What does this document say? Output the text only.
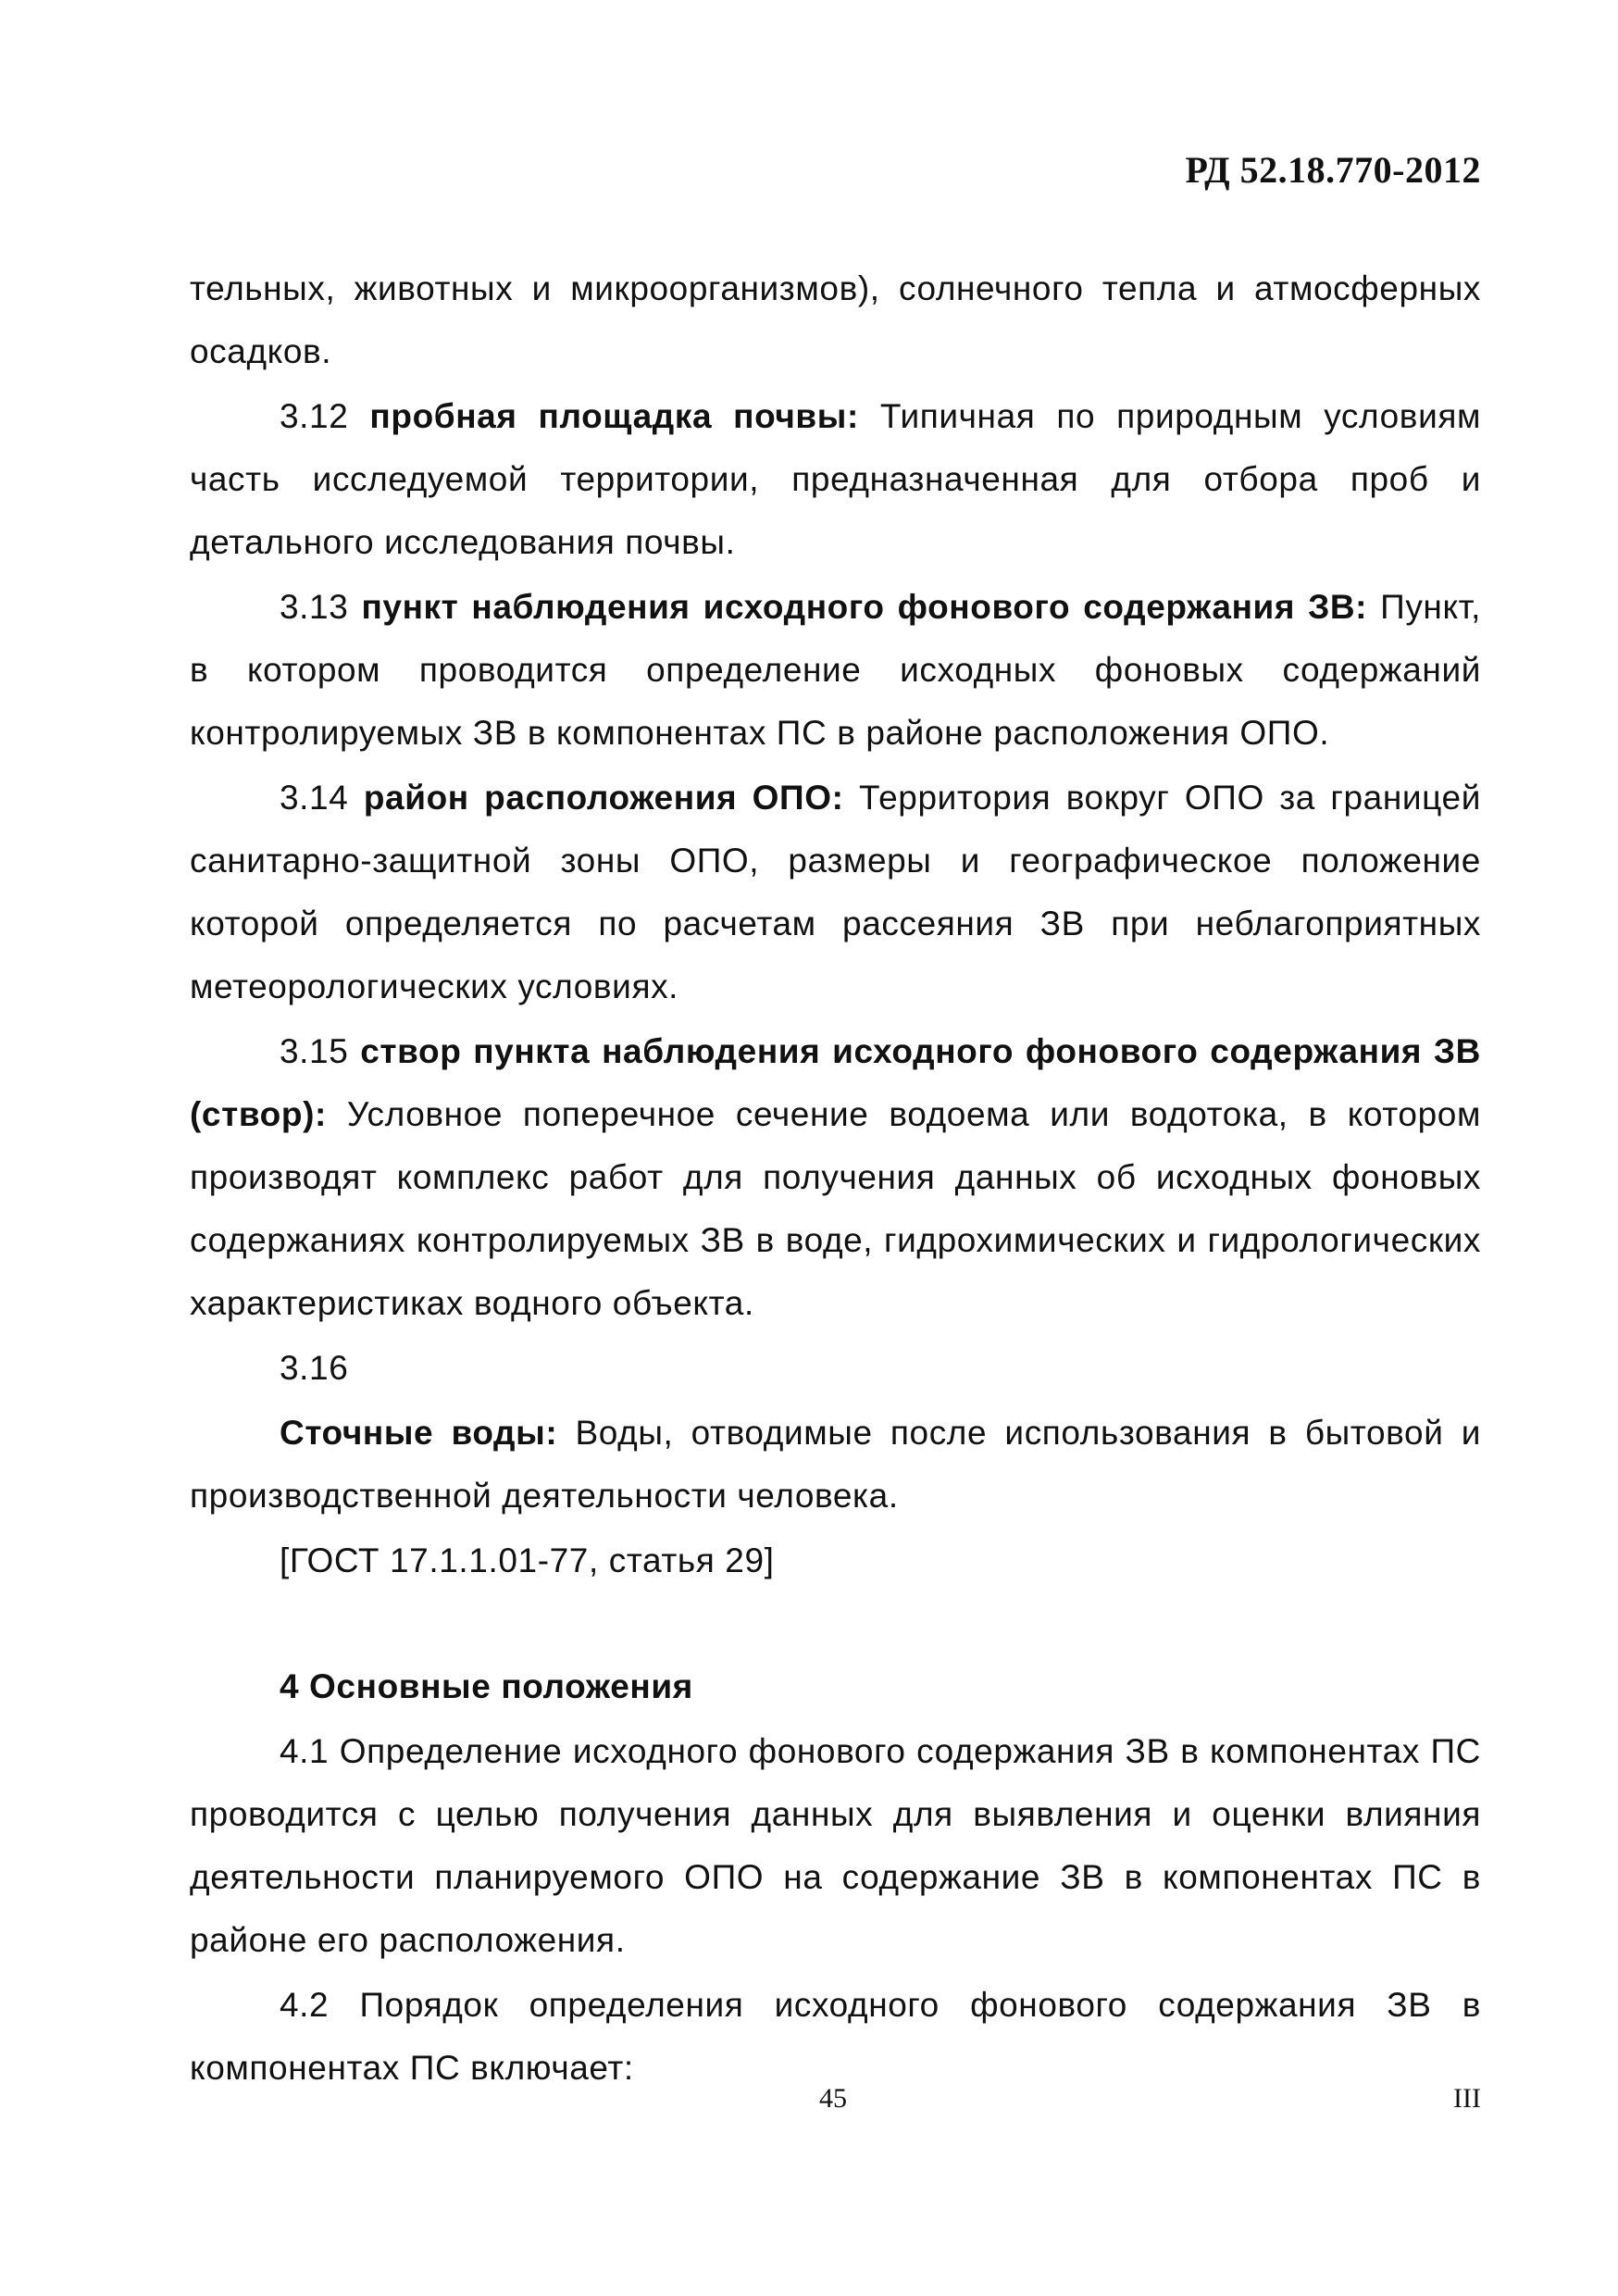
РД 52.18.770-2012

тельных, животных и микроорганизмов), солнечного тепла и атмосферных осадков.

3.12 пробная площадка почвы: Типичная по природным условиям часть исследуемой территории, предназначенная для отбора проб и детального исследования почвы.

3.13 пункт наблюдения исходного фонового содержания ЗВ: Пункт, в котором проводится определение исходных фоновых содержаний контролируемых ЗВ в компонентах ПС в районе расположения ОПО.

3.14 район расположения ОПО: Территория вокруг ОПО за границей санитарно-защитной зоны ОПО, размеры и географическое положение которой определяется по расчетам рассеяния ЗВ при неблагоприятных метеорологических условиях.

3.15 створ пункта наблюдения исходного фонового содержания ЗВ (створ): Условное поперечное сечение водоема или водотока, в котором производят комплекс работ для получения данных об исходных фоновых содержаниях контролируемых ЗВ в воде, гидрохимических и гидрологических характеристиках водного объекта.

3.16

Сточные воды: Воды, отводимые после использования в бытовой и производственной деятельности человека.

[ГОСТ 17.1.1.01-77, статья 29]

4 Основные положения

4.1 Определение исходного фонового содержания ЗВ в компонентах ПС проводится с целью получения данных для выявления и оценки влияния деятельности планируемого ОПО на содержание ЗВ в компонентах ПС в районе его расположения.

4.2 Порядок определения исходного фонового содержания ЗВ в компонентах ПС включает:

45	III
